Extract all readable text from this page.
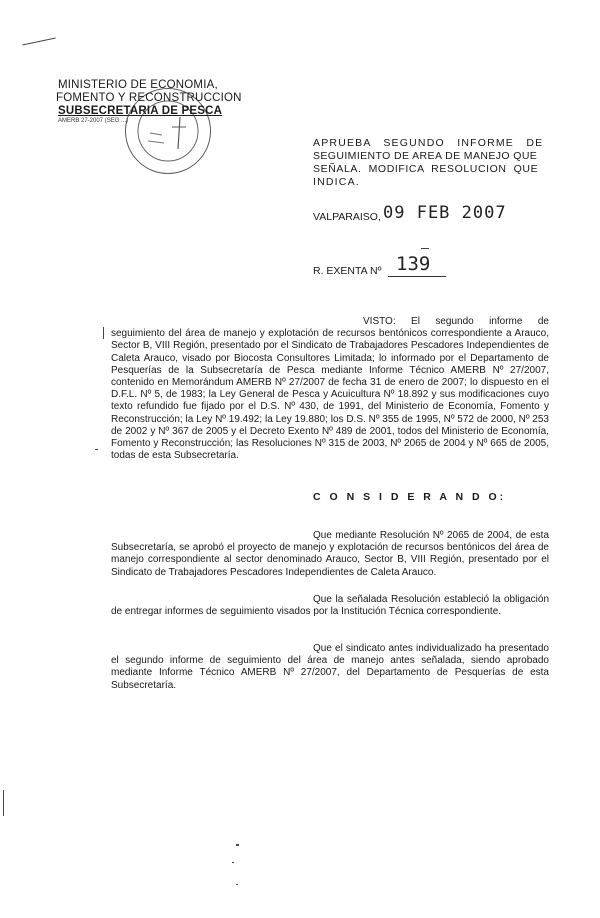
MINISTERIO DE ECONOMIA,
FOMENTO Y RECONSTRUCCION
SUBSECRETARIA DE PESCA
AMERB 27-2007 (SEG ...)
APRUEBA   SEGUNDO   INFORME   DE
SEGUIMIENTO DE AREA DE MANEJO QUE
SEÑALA.  MODIFICA  RESOLUCION  QUE
INDICA.
VALPARAISO, 09 FEB 2007
R. EXENTA Nº 139
VISTO: El segundo informe de seguimiento del área de manejo y explotación de recursos bentónicos correspondiente a Arauco, Sector B, VIII Región, presentado por el Sindicato de Trabajadores Pescadores Independientes de Caleta Arauco, visado por Biocosta Consultores Limitada; lo informado por el Departamento de Pesquerías de la Subsecretaría de Pesca mediante Informe Técnico AMERB Nº 27/2007, contenido en Memorándum AMERB Nº 27/2007 de fecha 31 de enero de 2007; lo dispuesto en el D.F.L. Nº 5, de 1983; la Ley General de Pesca y Acuicultura Nº 18.892 y sus modificaciones cuyo texto refundido fue fijado por el D.S. Nº 430, de 1991, del Ministerio de Economía, Fomento y Reconstrucción; la Ley Nº 19.492; la Ley 19.880; los D.S. Nº 355 de 1995, Nº 572 de 2000, Nº 253 de 2002 y Nº 367 de 2005 y el Decreto Exento Nº 489 de 2001, todos del Ministerio de Economía, Fomento y Reconstrucción; las Resoluciones Nº 315 de 2003, Nº 2065 de 2004 y Nº 665 de 2005, todas de esta Subsecretaría.
C O N S I D E R A N D O:
Que mediante Resolución Nº 2065 de 2004, de esta Subsecretaría, se aprobó el proyecto de manejo y explotación de recursos bentónicos del área de manejo correspondiente al sector denominado Arauco, Sector B, VIII Región, presentado por el Sindicato de Trabajadores Pescadores Independientes de Caleta Arauco.
Que la señalada Resolución estableció la obligación de entregar informes de seguimiento visados por la Institución Técnica correspondiente.
Que el sindicato antes individualizado ha presentado el segundo informe de seguimiento del área de manejo antes señalada, siendo aprobado mediante Informe Técnico AMERB Nº 27/2007, del Departamento de Pesquerías de esta Subsecretaría.
